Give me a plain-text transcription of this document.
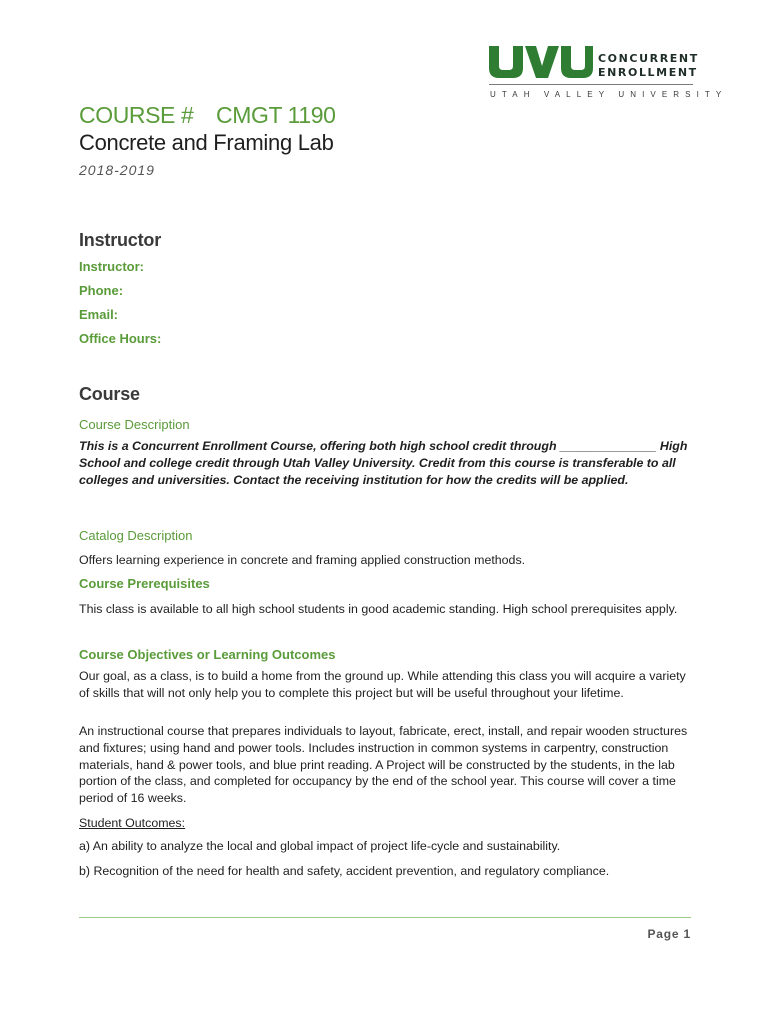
CONCURRENT
ENROLLMENT
UTAH VALLEY UNIVERSITY
COURSE # CMGT 1190
Concrete and Framing Lab
2018-2019
Instructor
Instructor:
Phone:
Email:
Office Hours:
Course
Course Description

This is a Concurrent Enrollment Course, offering both high school credit through ______________ High School and college credit through Utah Valley University. Credit from this course is transferable to all colleges and universities. Contact the receiving institution for how the credits will be applied.

Catalog Description

Offers learning experience in concrete and framing applied construction methods.

Course Prerequisites

This class is available to all high school students in good academic standing. High school prerequisites apply.

Course Objectives or Learning Outcomes

Our goal, as a class, is to build a home from the ground up. While attending this class you will acquire a variety of skills that will not only help you to complete this project but will be useful throughout your lifetime.

An instructional course that prepares individuals to layout, fabricate, erect, install, and repair wooden structures and fixtures; using hand and power tools. Includes instruction in common systems in carpentry, construction materials, hand & power tools, and blue print reading. A Project will be constructed by the students, in the lab portion of the class, and completed for occupancy by the end of the school year. This course will cover a time period of 16 weeks.

Student Outcomes:

a) An ability to analyze the local and global impact of project life-cycle and sustainability.

b) Recognition of the need for health and safety, accident prevention, and regulatory compliance.

Page 1
